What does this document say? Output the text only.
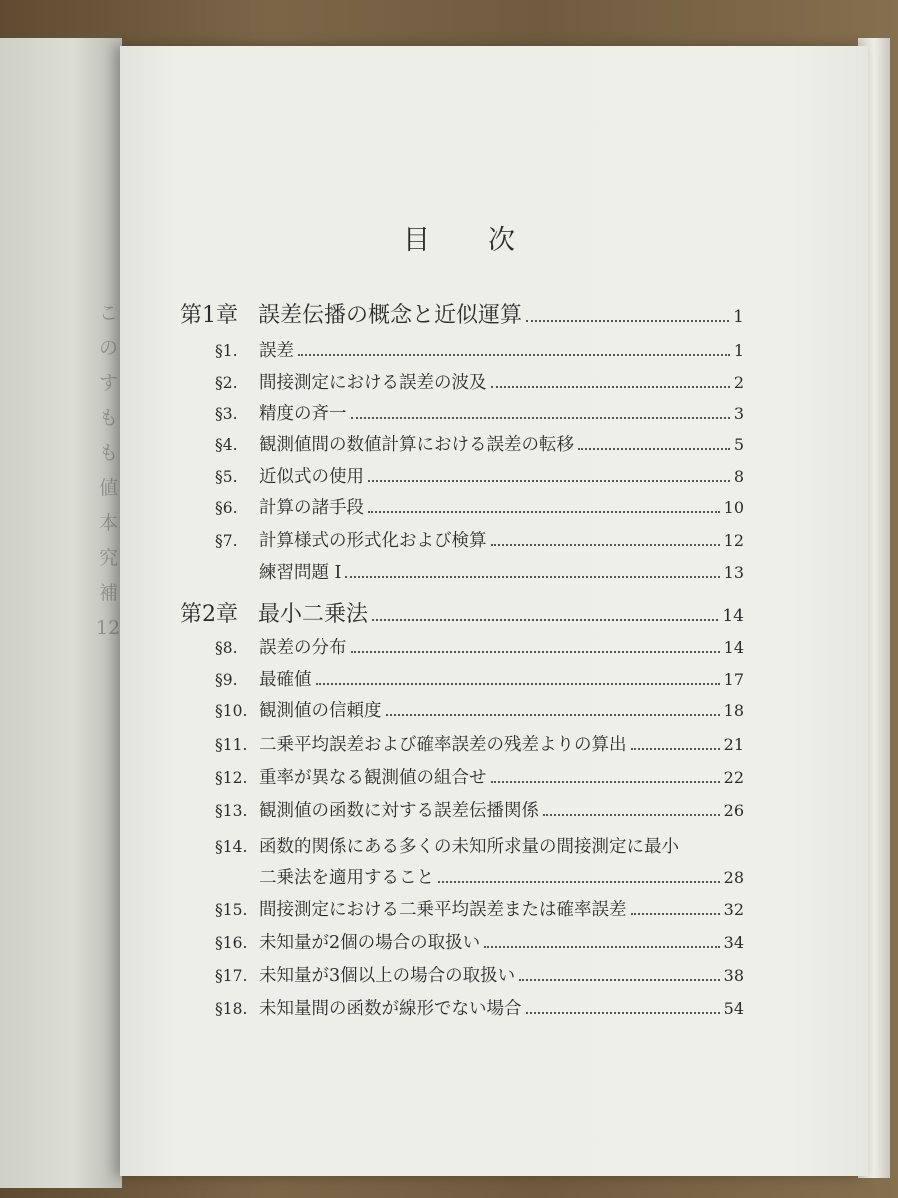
こ
の
す
も
も
値
本
究
補
12
目次
第1章 誤差伝播の概念と近似運算	1
§1.	誤差	1
§2.	間接測定における誤差の波及	2
§3.	精度の斉一	3
§4.	観測値間の数値計算における誤差の転移	5
§5.	近似式の使用	8
§6.	計算の諸手段	10
§7.	計算様式の形式化および検算	12
練習問題 I	13
第2章 最小二乗法	14
§8.	誤差の分布	14
§9.	最確値	17
§10. 観測値の信頼度	18
§11. 二乗平均誤差および確率誤差の残差よりの算出	21
§12. 重率が異なる観測値の組合せ	22
§13. 観測値の函数に対する誤差伝播関係	26
§14. 函数的関係にある多くの未知所求量の間接測定に最小
二乗法を適用すること	28
§15. 間接測定における二乗平均誤差または確率誤差	32
§16. 未知量が2個の場合の取扱い	34
§17. 未知量が3個以上の場合の取扱い	38
§18. 未知量間の函数が線形でない場合	54
